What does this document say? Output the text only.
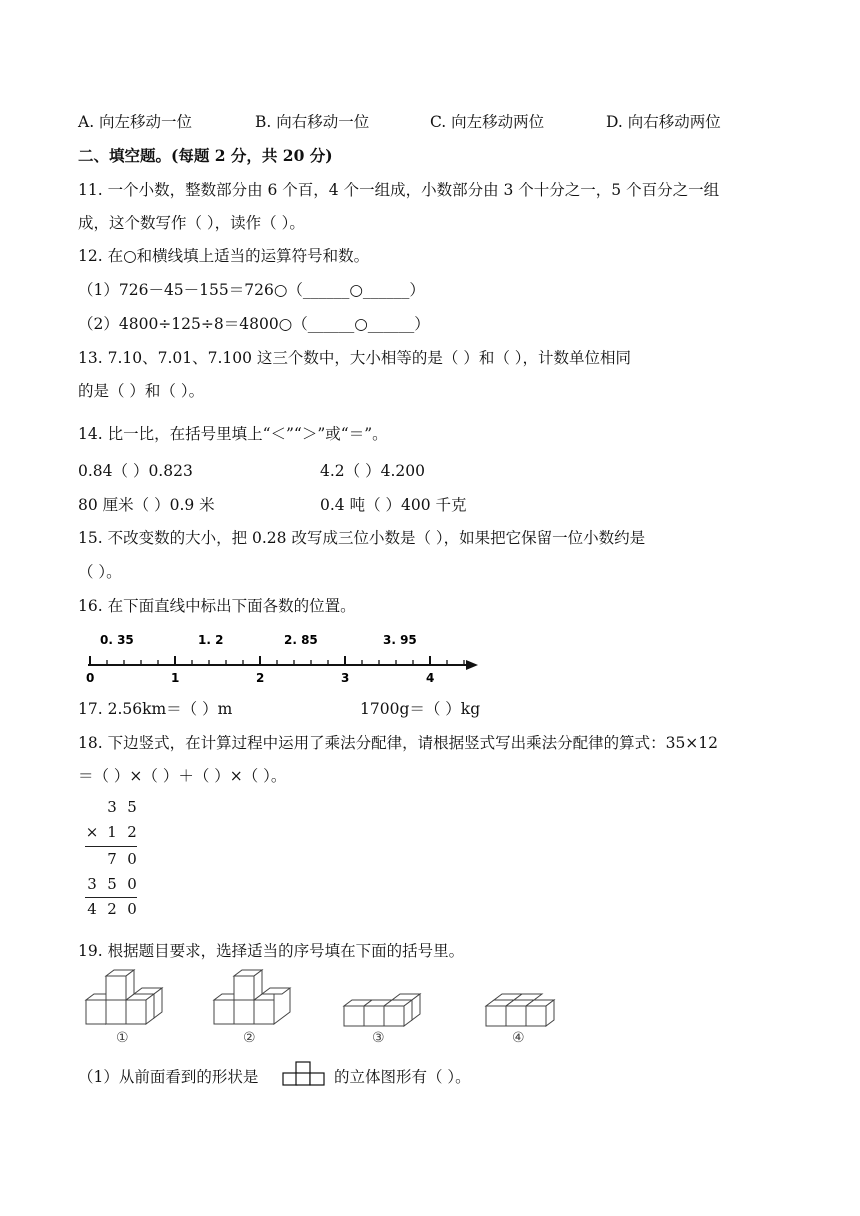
A. 向左移动一位	B. 向右移动一位	C. 向左移动两位	D. 向右移动两位
二、填空题。(每题 2 分，共 20 分)
11. 一个小数，整数部分由 6 个百，4 个一组成，小数部分由 3 个十分之一，5 个百分之一组
成，这个数写作（ ），读作（ ）。
12. 在○和横线填上适当的运算符号和数。
（1）726－45－155＝726○（______○______）
（2）4800÷125÷8＝4800○（______○______）
13. 7.10、7.01、7.100 这三个数中，大小相等的是（ ）和（ ），计数单位相同
的是（ ）和（ ）。
14. 比一比，在括号里填上“＜”“＞”或“＝”。
0.84（ ）0.823	4.2（ ）4.200
80 厘米（ ）0.9 米	0.4 吨（ ）400 千克
15. 不改变数的大小，把 0.28 改写成三位小数是（ ），如果把它保留一位小数约是
（ ）。
16. 在下面直线中标出下面各数的位置。
0. 35	1. 2	2. 85	3. 95
0	1	2	3	4
17. 2.56km＝（ ）m	1700g＝（ ）kg
18. 下边竖式，在计算过程中运用了乘法分配律，请根据竖式写出乘法分配律的算式：35×12
＝（ ）×（ ）＋（ ）×（ ）。
3 5
× 1 2
7 0
3 5 0
4 2 0
19. 根据题目要求，选择适当的序号填在下面的括号里。
①	②	③	④
（1）从前面看到的形状是	的立体图形有（ ）。
